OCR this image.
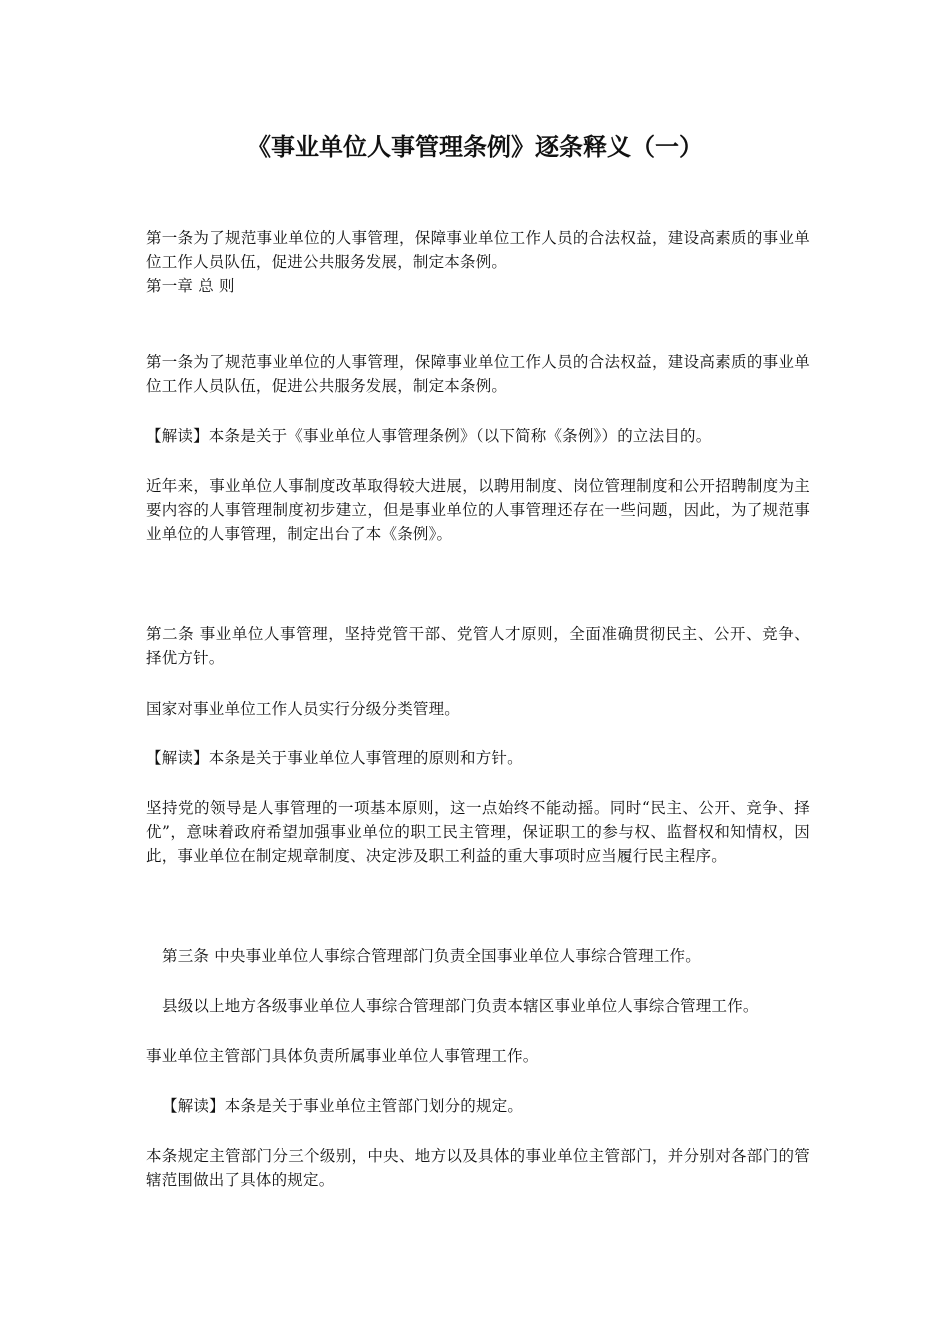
《事业单位人事管理条例》逐条释义（一）

第一条为了规范事业单位的人事管理，保障事业单位工作人员的合法权益，建设高素质的事业单位工作人员队伍，促进公共服务发展，制定本条例。

第一章 总 则

第一条为了规范事业单位的人事管理，保障事业单位工作人员的合法权益，建设高素质的事业单位工作人员队伍，促进公共服务发展，制定本条例。

【解读】本条是关于《事业单位人事管理条例》（以下简称《条例》）的立法目的。

近年来，事业单位人事制度改革取得较大进展，以聘用制度、岗位管理制度和公开招聘制度为主要内容的人事管理制度初步建立，但是事业单位的人事管理还存在一些问题，因此，为了规范事业单位的人事管理，制定出台了本《条例》。

第二条 事业单位人事管理，坚持党管干部、党管人才原则，全面准确贯彻民主、公开、竞争、择优方针。

国家对事业单位工作人员实行分级分类管理。

【解读】本条是关于事业单位人事管理的原则和方针。

坚持党的领导是人事管理的一项基本原则，这一点始终不能动摇。同时“民主、公开、竞争、择优”，意味着政府希望加强事业单位的职工民主管理，保证职工的参与权、监督权和知情权，因此，事业单位在制定规章制度、决定涉及职工利益的重大事项时应当履行民主程序。

第三条 中央事业单位人事综合管理部门负责全国事业单位人事综合管理工作。

县级以上地方各级事业单位人事综合管理部门负责本辖区事业单位人事综合管理工作。

事业单位主管部门具体负责所属事业单位人事管理工作。

【解读】本条是关于事业单位主管部门划分的规定。

本条规定主管部门分三个级别，中央、地方以及具体的事业单位主管部门，并分别对各部门的管辖范围做出了具体的规定。
